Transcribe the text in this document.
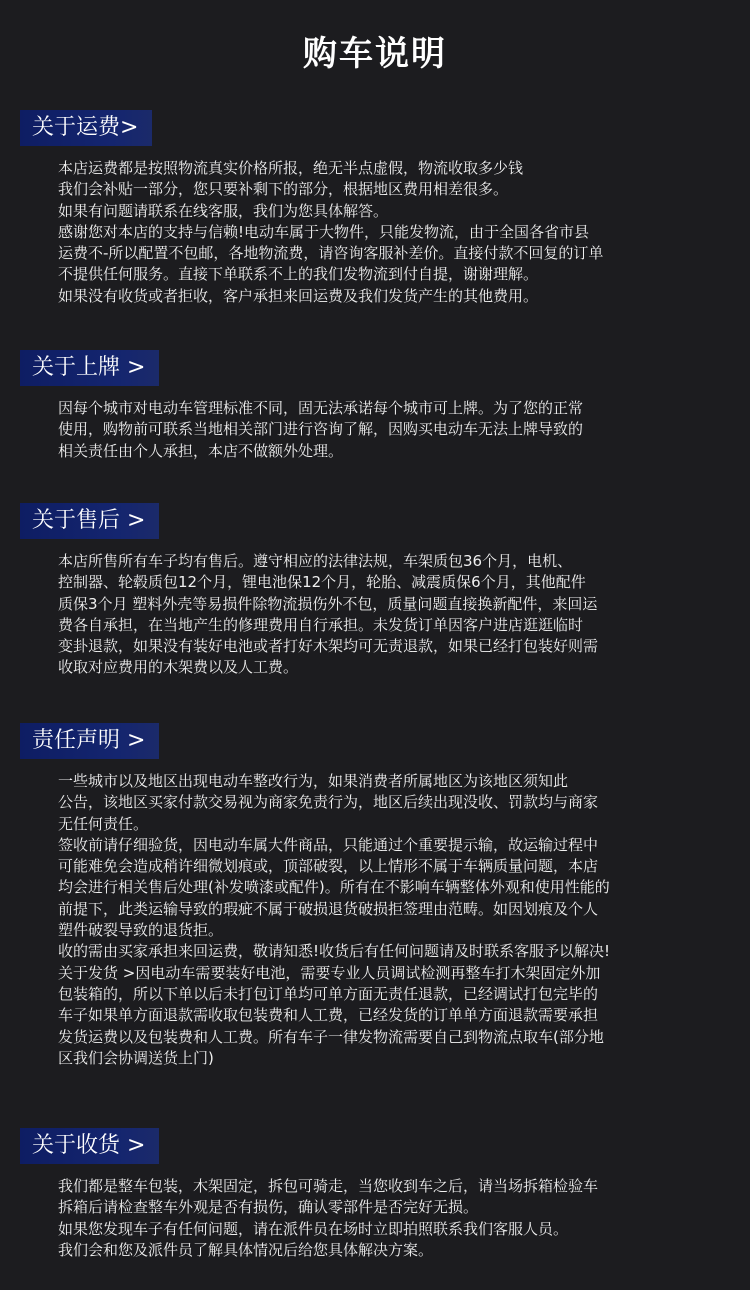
购车说明
关于运费>

本店运费都是按照物流真实价格所报，绝无半点虚假，物流收取多少钱

我们会补贴一部分，您只要补剩下的部分，根据地区费用相差很多。

如果有问题请联系在线客服，我们为您具体解答。

感谢您对本店的支持与信赖!电动车属于大物件，只能发物流，由于全国各省市县

运费不-所以配置不包邮，各地物流费，请咨询客服补差价。直接付款不回复的订单

不提供任何服务。直接下单联系不上的我们发物流到付自提，谢谢理解。

如果没有收货或者拒收，客户承担来回运费及我们发货产生的其他费用。

关于上牌 >

因每个城市对电动车管理标准不同，固无法承诺每个城市可上牌。为了您的正常

使用，购物前可联系当地相关部门进行咨询了解，因购买电动车无法上牌导致的

相关责任由个人承担，本店不做额外处理。

关于售后 >

本店所售所有车子均有售后。遵守相应的法律法规，车架质包36个月，电机、

控制器、轮毂质包12个月，锂电池保12个月，轮胎、减震质保6个月，其他配件

质保3个月 塑料外壳等易损件除物流损伤外不包，质量问题直接换新配件，来回运

费各自承担，在当地产生的修理费用自行承担。未发货订单因客户进店逛逛临时

变卦退款，如果没有装好电池或者打好木架均可无责退款，如果已经打包装好则需

收取对应费用的木架费以及人工费。

责任声明 >

一些城市以及地区出现电动车整改行为，如果消费者所属地区为该地区须知此

公告，该地区买家付款交易视为商家免责行为，地区后续出现没收、罚款均与商家

无任何责任。

签收前请仔细验货，因电动车属大件商品，只能通过个重要提示输，故运输过程中

可能难免会造成稍许细微划痕或，顶部破裂，以上情形不属于车辆质量问题，本店

均会进行相关售后处理(补发喷漆或配件)。所有在不影响车辆整体外观和使用性能的

前提下，此类运输导致的瑕疵不属于破损退货破损拒签理由范畴。如因划痕及个人

塑件破裂导致的退货拒。

收的需由买家承担来回运费，敬请知悉!收货后有任何问题请及时联系客服予以解决!

关于发货 >因电动车需要装好电池，需要专业人员调试检测再整车打木架固定外加

包装箱的，所以下单以后未打包订单均可单方面无责任退款，已经调试打包完毕的

车子如果单方面退款需收取包装费和人工费，已经发货的订单单方面退款需要承担

发货运费以及包装费和人工费。所有车子一律发物流需要自己到物流点取车(部分地

区我们会协调送货上门)

关于收货 >

我们都是整车包装，木架固定，拆包可骑走，当您收到车之后，请当场拆箱检验车

拆箱后请检查整车外观是否有损伤，确认零部件是否完好无损。

如果您发现车子有任何问题，请在派件员在场时立即拍照联系我们客服人员。

我们会和您及派件员了解具体情况后给您具体解决方案。
